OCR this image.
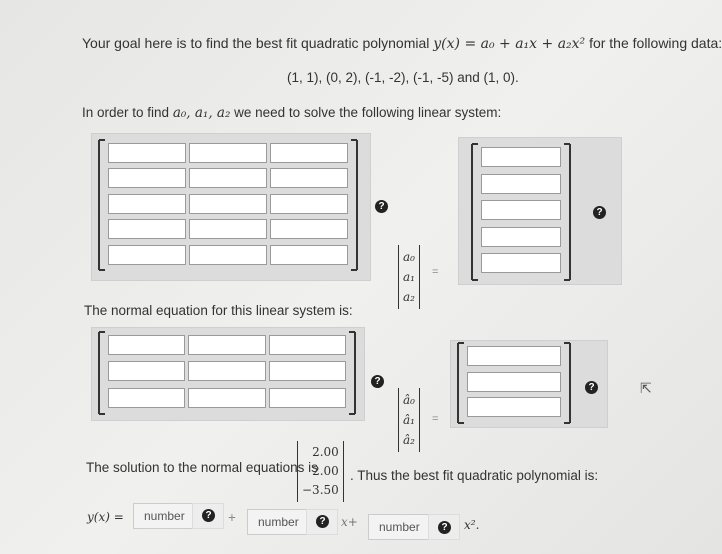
Your goal here is to find the best fit quadratic polynomial y(x) = a₀ + a₁x + a₂x² for the following data:
(1, 1), (0, 2), (-1, -2), (-1, -5) and (1, 0).
In order to find a₀, a₁, a₂ we need to solve the following linear system:
?
a₀
a₁
a₂
=
?
The normal equation for this linear system is:
?
â₀
â₁
â₂
=
?	⇱
The solution to the normal equations is
2.00
2.00
−3.50
. Thus the best fit quadratic polynomial is:
y(x) =	number	? +	number	? x+	number	? x².
